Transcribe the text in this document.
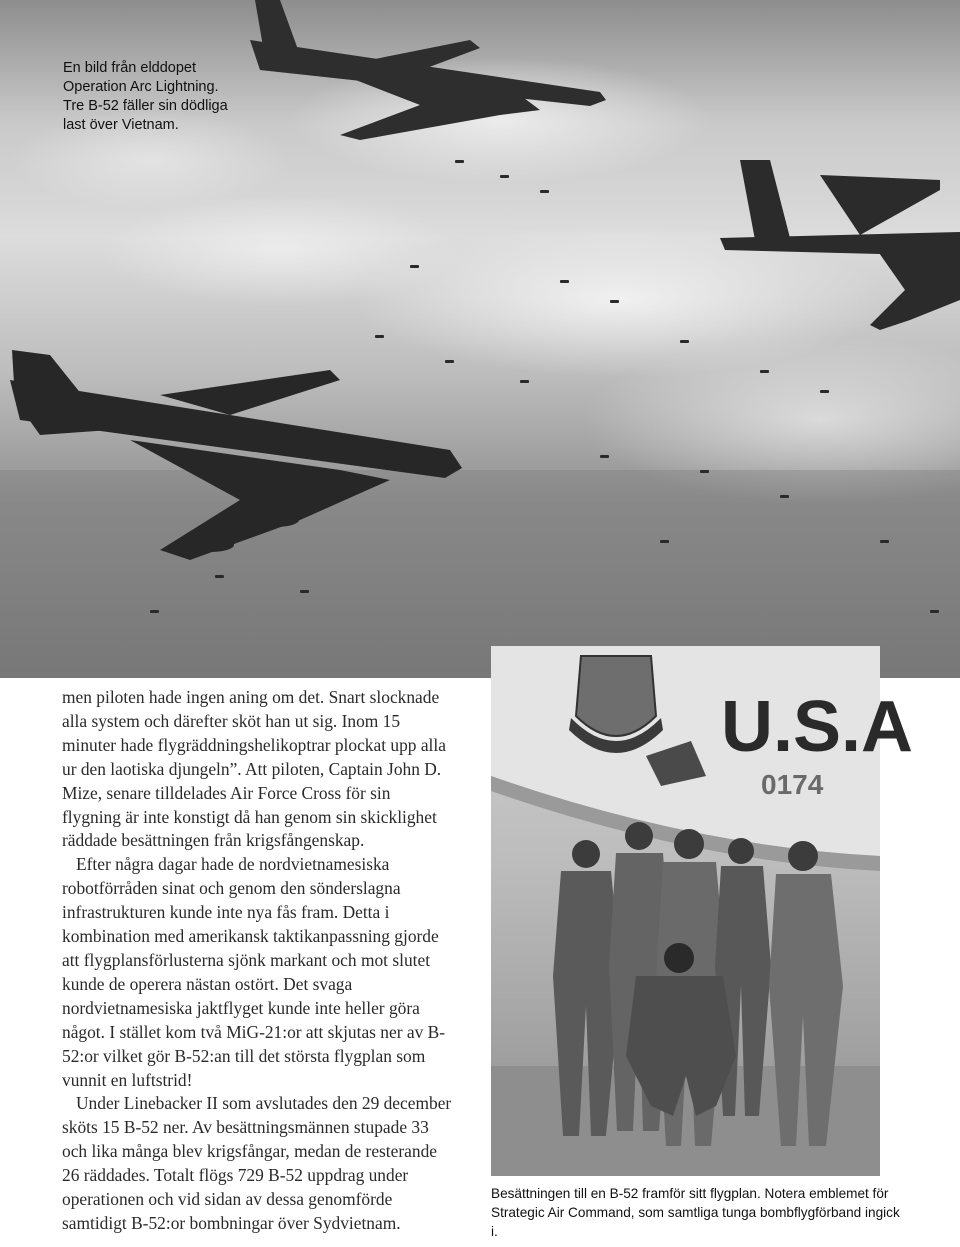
En bild från elddopet Operation Arc Lightning. Tre B-52 fäller sin dödliga last över Vietnam.

men piloten hade ingen aning om det. Snart slocknade alla system och därefter sköt han ut sig. Inom 15 minuter hade flygräddningshelikoptrar plockat upp alla ur den laotiska djungeln”. Att piloten, Captain John D. Mize, senare tilldelades Air Force Cross för sin flygning är inte konstigt då han genom sin skicklighet räddade besättningen från krigsfångenskap.

Efter några dagar hade de nordvietnamesiska robotförråden sinat och genom den sönderslagna infrastrukturen kunde inte nya fås fram. Detta i kombination med amerikansk taktikanpassning gjorde att flygplansförlusterna sjönk markant och mot slutet kunde de operera nästan ostört. Det svaga nordvietnamesiska jaktflyget kunde inte heller göra något. I stället kom två MiG-21:or att skjutas ner av B-52:or vilket gör B-52:an till det största flygplan som vunnit en luftstrid!

Under Linebacker II som avslutades den 29 december sköts 15 B-52 ner. Av besättningsmännen stupade 33 och lika många blev krigsfångar, medan de resterande 26 räddades. Totalt flögs 729 B-52 uppdrag under operationen och vid sidan av dessa genomförde samtidigt B-52:or bombningar över Sydvietnam.

U.S.A
0174
Besättningen till en B-52 framför sitt flygplan. Notera emblemet för Strategic Air Command, som samtliga tunga bombflygförband ingick i.
